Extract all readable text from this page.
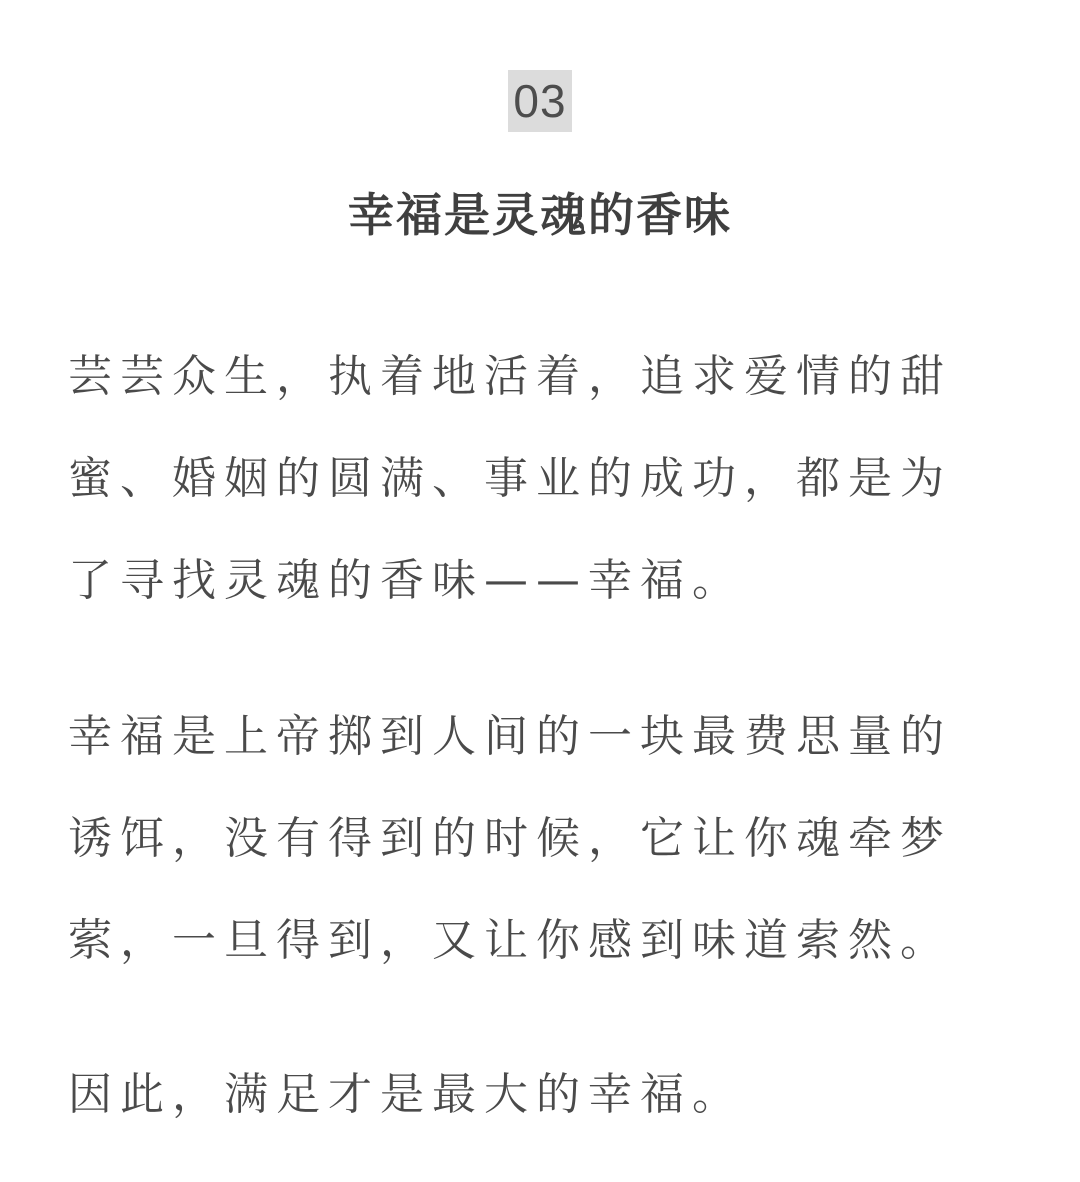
03
幸福是灵魂的香味

芸芸众生，执着地活着，追求爱情的甜
蜜、婚姻的圆满、事业的成功，都是为
了寻找灵魂的香味——幸福。

幸福是上帝掷到人间的一块最费思量的
诱饵，没有得到的时候，它让你魂牵梦
萦，一旦得到，又让你感到味道索然。

因此，满足才是最大的幸福。
